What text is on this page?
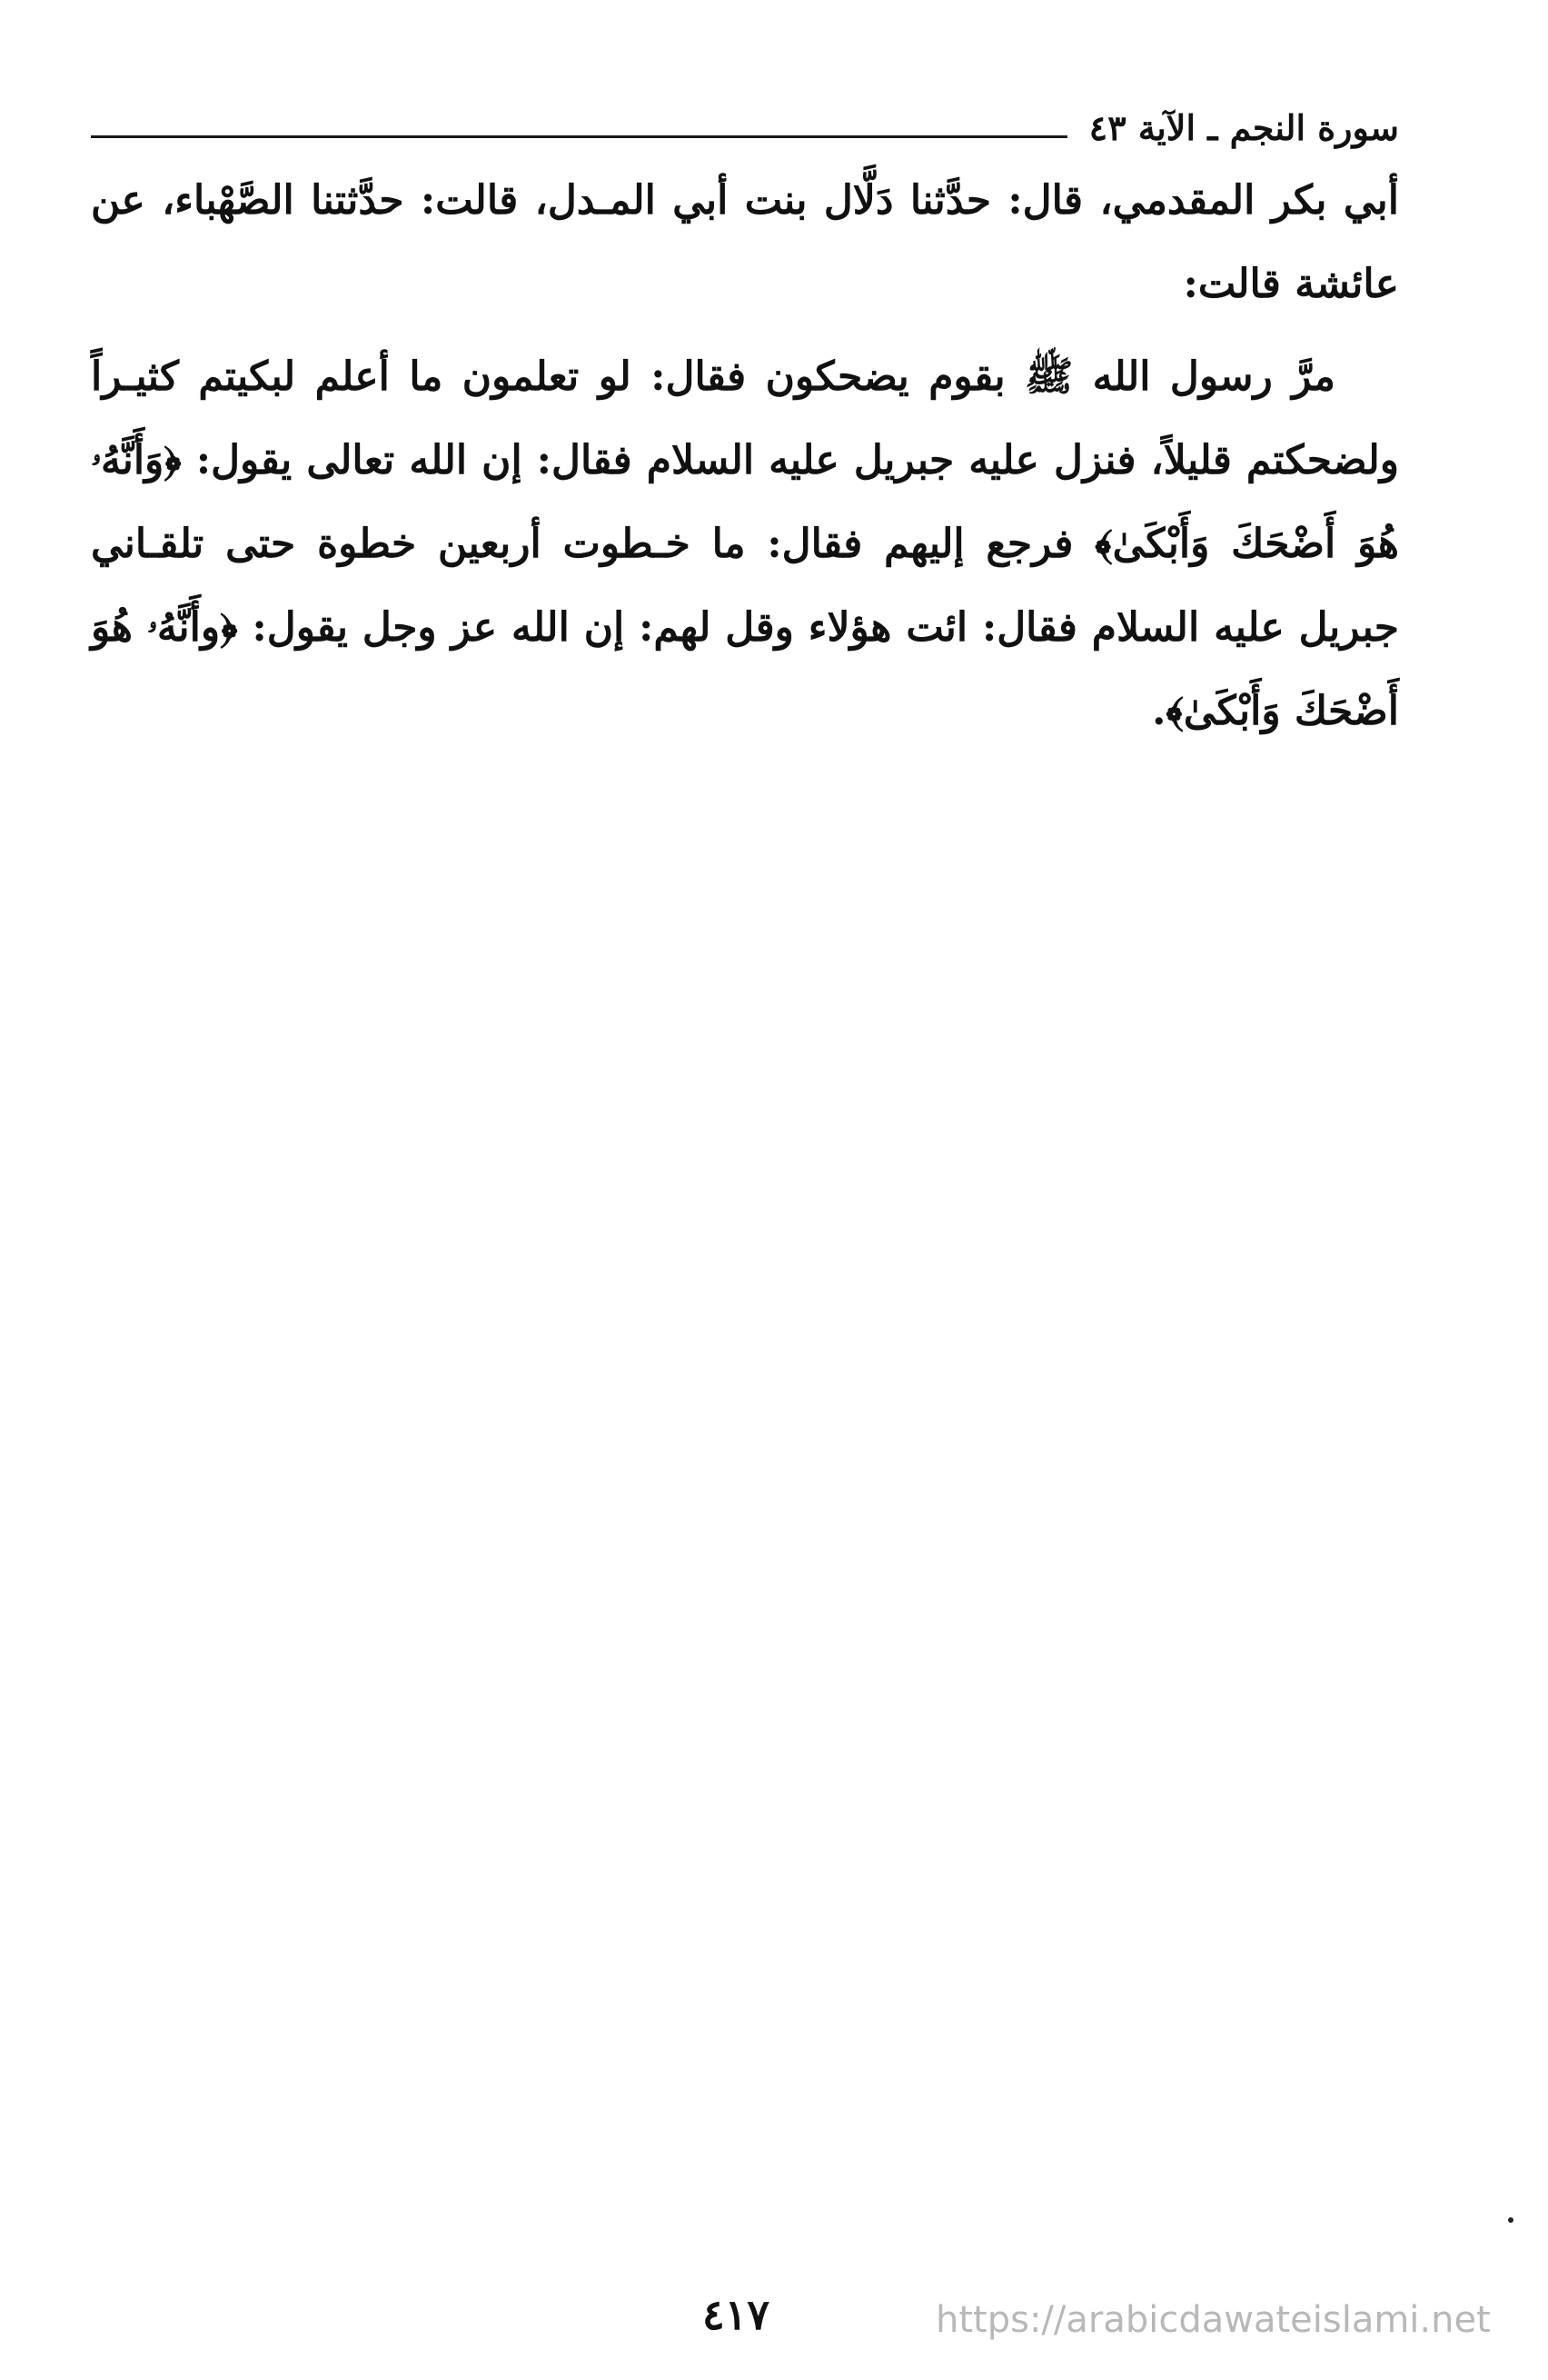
سورة النجم ـ الآية ٤٣

أبي بكر المقدمي، قال: حدَّثنا دَلَّال بنت أبي المـدل، قالت: حدَّثتنا الصَّهْباء، عن عائشة قالت:

مرَّ رسول الله ﷺ بقوم يضحكون فقال: لو تعلمون ما أعلم لبكيتم كثيـراً ولضحكتم قليلاً، فنزل عليه جبريل عليه السلام فقال: إن الله تعالى يقول: ﴿وَأَنَّهُۥ هُوَ أَضْحَكَ وَأَبْكَىٰ﴾ فرجع إليهم فقال: ما خـطوت أربعين خطوة حتى تلقـاني جبريل عليه السلام فقال: ائت هؤلاء وقل لهم: إن الله عز وجل يقول: ﴿وأَنَّهُۥ هُوَ أَضْحَكَ وَأَبْكَىٰ﴾.

٤١٧	https://arabicdawateislami.net
